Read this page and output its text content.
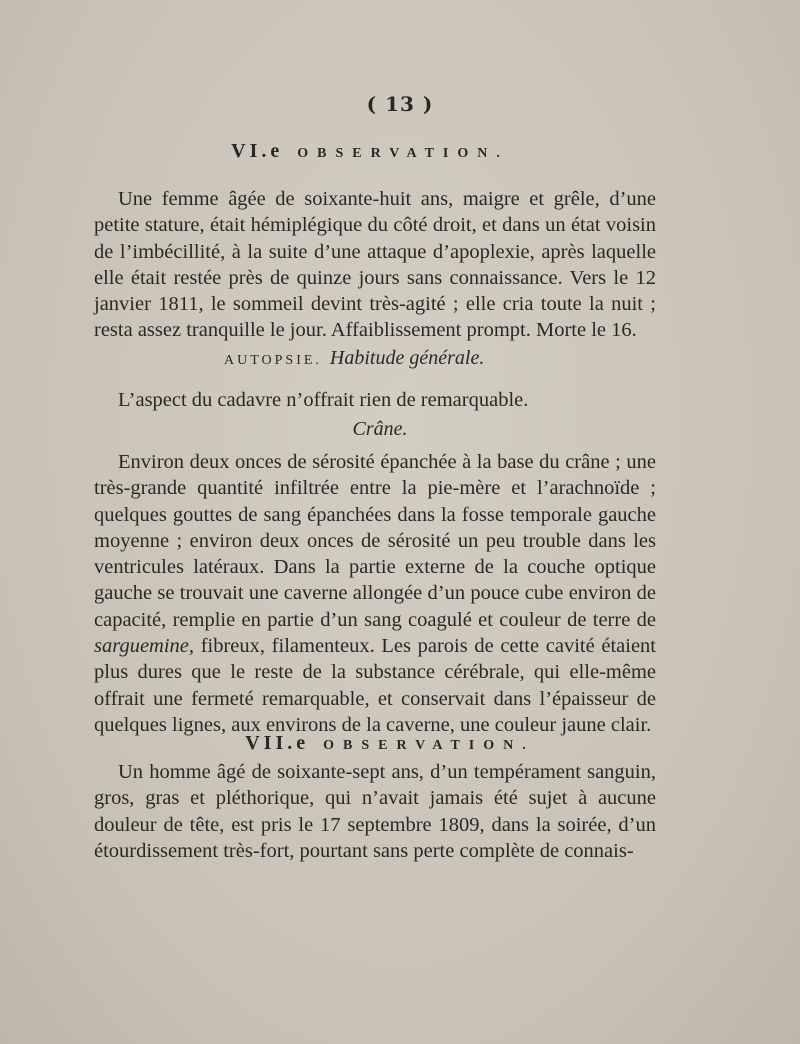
( 13 )
VI.e OBSERVATION.

Une femme âgée de soixante-huit ans, maigre et grêle, d’une petite stature, était hémiplégique du côté droit, et dans un état voisin de l’imbécillité, à la suite d’une attaque d’apoplexie, après laquelle elle était restée près de quinze jours sans connaissance. Vers le 12 janvier 1811, le sommeil devint très-agité ; elle cria toute la nuit ; resta assez tranquille le jour. Affaiblissement prompt. Morte le 16.

AUTOPSIE. Habitude générale.

L’aspect du cadavre n’offrait rien de remarquable.

Crâne.

Environ deux onces de sérosité épanchée à la base du crâne ; une très-grande quantité infiltrée entre la pie-mère et l’arachnoïde ; quelques gouttes de sang épanchées dans la fosse temporale gauche moyenne ; environ deux onces de sérosité un peu trouble dans les ventricules latéraux. Dans la partie externe de la couche optique gauche se trouvait une caverne allongée d’un pouce cube environ de capacité, remplie en partie d’un sang coagulé et couleur de terre de sarguemine, fibreux, filamenteux. Les parois de cette cavité étaient plus dures que le reste de la substance cérébrale, qui elle-même offrait une fermeté remarquable, et conservait dans l’épaisseur de quelques lignes, aux environs de la caverne, une couleur jaune clair.

VII.e OBSERVATION.

Un homme âgé de soixante-sept ans, d’un tempérament sanguin, gros, gras et pléthorique, qui n’avait jamais été sujet à aucune douleur de tête, est pris le 17 septembre 1809, dans la soirée, d’un étourdissement très-fort, pourtant sans perte complète de connais-
